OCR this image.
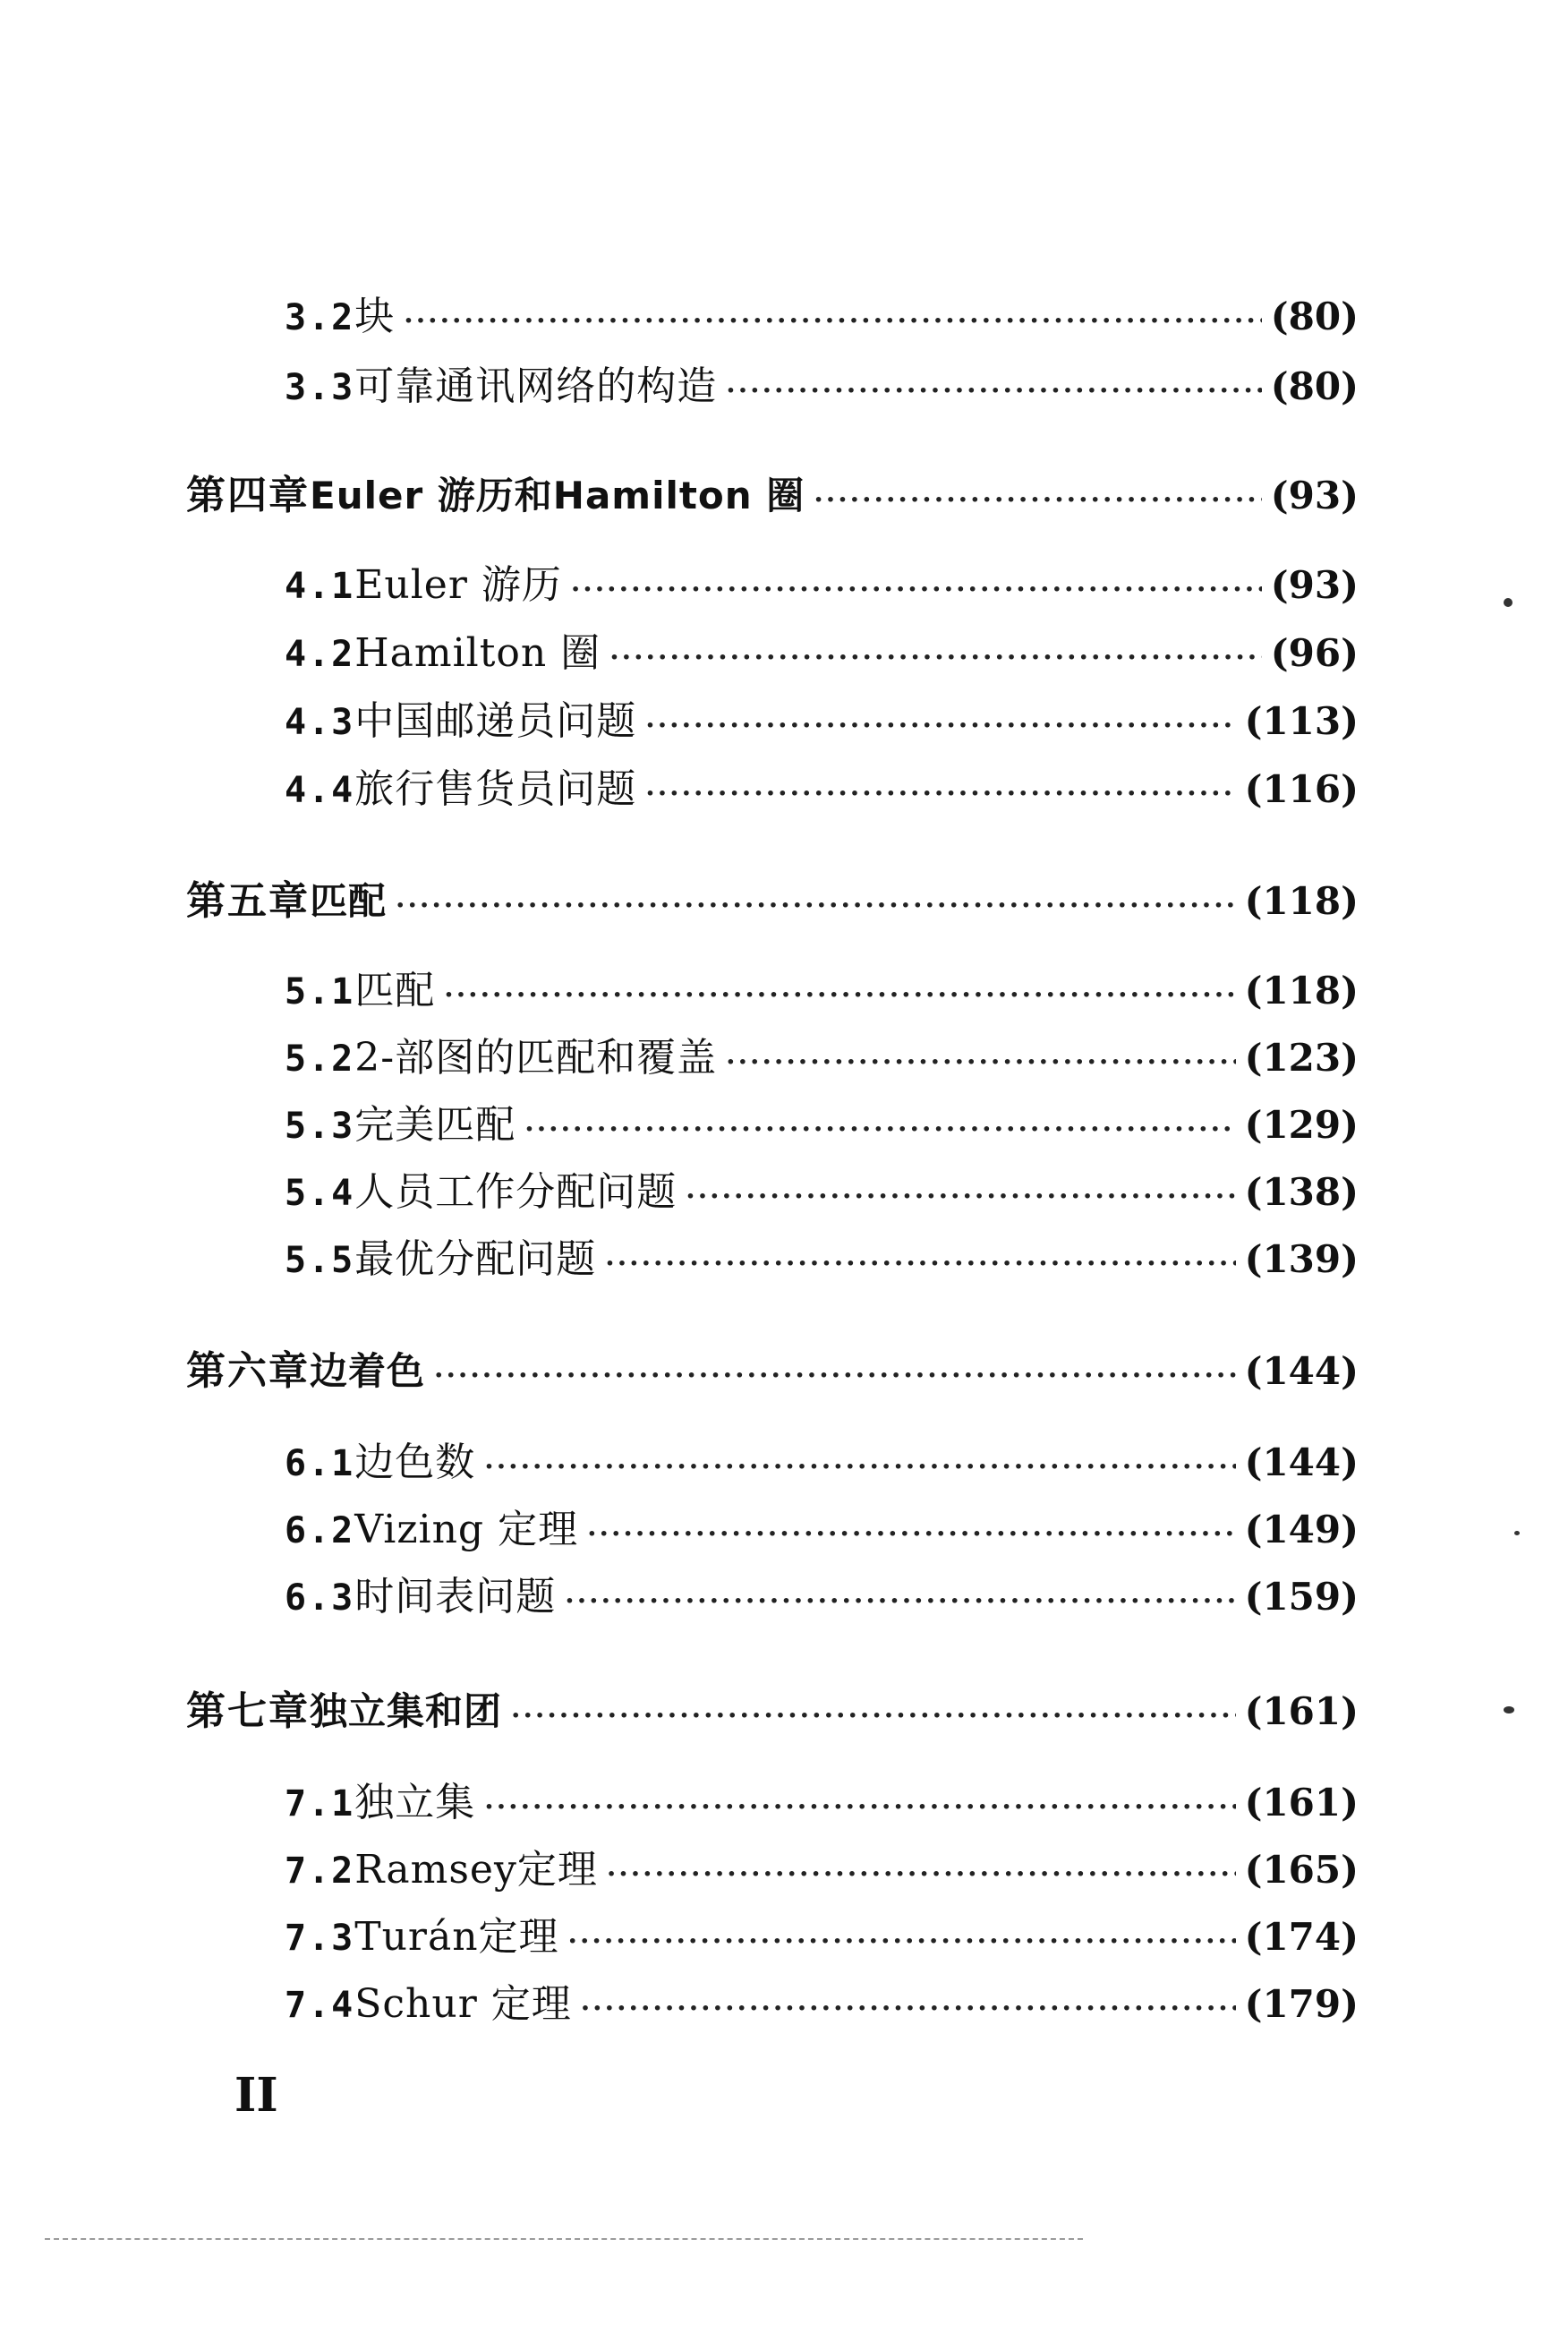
3.2 块 ·····	(80)
3.3 可靠通讯网络的构造 ·····	(80)
第四章 Euler 游历和Hamilton 圈 ·····	(93)
4.1 Euler 游历 ·····	(93)
4.2 Hamilton 圈 ·····	(96)
4.3 中国邮递员问题 ·····	(113)
4.4 旅行售货员问题 ·····	(116)
第五章 匹配 ·····	(118)
5.1 匹配 ·····	(118)
5.2 2-部图的匹配和覆盖 ·····	(123)
5.3 完美匹配 ·····	(129)
5.4 人员工作分配问题 ·····	(138)
5.5 最优分配问题 ·····	(139)
第六章 边着色 ·····	(144)
6.1 边色数 ·····	(144)
6.2 Vizing 定理 ·····	(149)
6.3 时间表问题 ·····	(159)
第七章 独立集和团 ·····	(161)
7.1 独立集 ·····	(161)
7.2 Ramsey定理 ·····	(165)
7.3 Turán定理 ·····	(174)
7.4 Schur 定理 ·····	(179)
II
